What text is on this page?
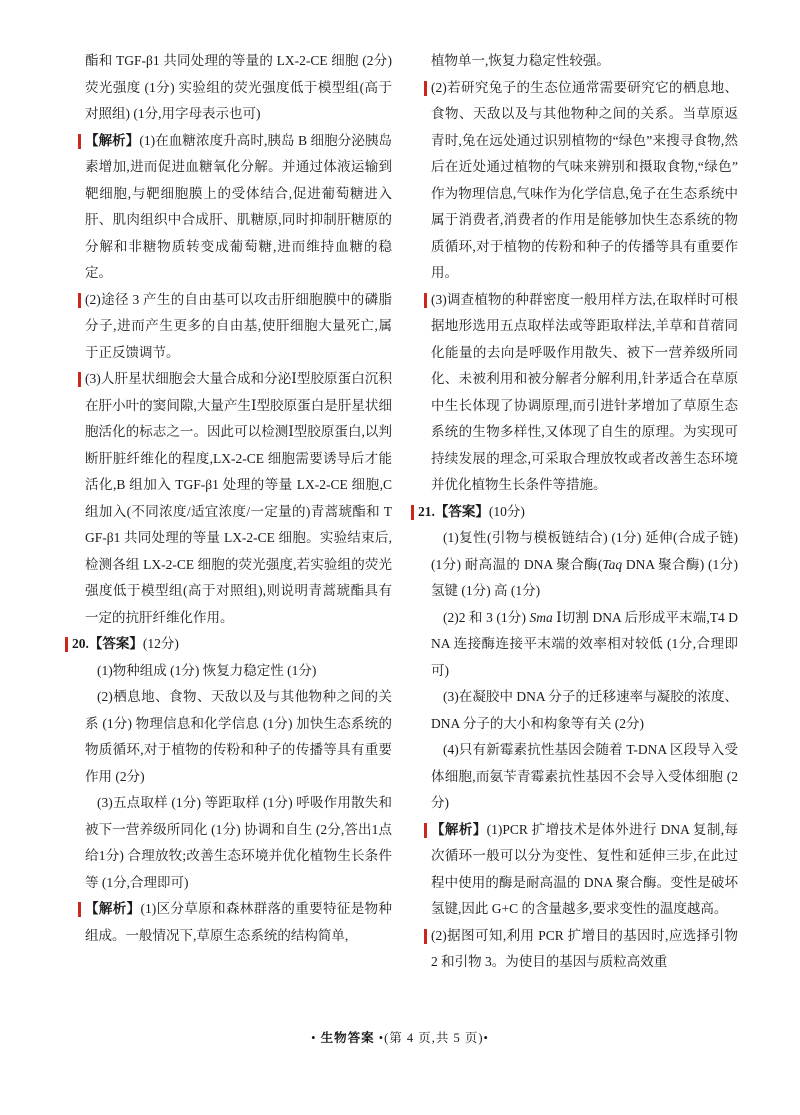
酯和 TGF-β1 共同处理的等量的 LX-2-CE 细胞 (2分) 荧光强度 (1分) 实验组的荧光强度低于模型组(高于对照组) (1分,用字母表示也可)

【解析】(1)在血糖浓度升高时,胰岛 B 细胞分泌胰岛素增加,进而促进血糖氧化分解。并通过体液运输到靶细胞,与靶细胞膜上的受体结合,促进葡萄糖进入肝、肌肉组织中合成肝、肌糖原,同时抑制肝糖原的分解和非糖物质转变成葡萄糖,进而维持血糖的稳定。

(2)途径 3 产生的自由基可以攻击肝细胞膜中的磷脂分子,进而产生更多的自由基,使肝细胞大量死亡,属于正反馈调节。

(3)人肝星状细胞会大量合成和分泌Ⅰ型胶原蛋白沉积在肝小叶的窦间隙,大量产生Ⅰ型胶原蛋白是肝星状细胞活化的标志之一。因此可以检测Ⅰ型胶原蛋白,以判断肝脏纤维化的程度,LX-2-CE 细胞需要诱导后才能活化,B 组加入 TGF-β1 处理的等量 LX-2-CE 细胞,C 组加入(不同浓度/适宜浓度/一定量的)青蒿琥酯和 TGF-β1 共同处理的等量 LX-2-CE 细胞。实验结束后,检测各组 LX-2-CE 细胞的荧光强度,若实验组的荧光强度低于模型组(高于对照组),则说明青蒿琥酯具有一定的抗肝纤维化作用。

20.【答案】(12分)

(1)物种组成 (1分) 恢复力稳定性 (1分)

(2)栖息地、食物、天敌以及与其他物种之间的关系 (1分) 物理信息和化学信息 (1分) 加快生态系统的物质循环,对于植物的传粉和种子的传播等具有重要作用 (2分)

(3)五点取样 (1分) 等距取样 (1分) 呼吸作用散失和被下一营养级所同化 (1分) 协调和自生 (2分,答出1点给1分) 合理放牧;改善生态环境并优化植物生长条件等 (1分,合理即可)

【解析】(1)区分草原和森林群落的重要特征是物种组成。一般情况下,草原生态系统的结构简单,

植物单一,恢复力稳定性较强。

(2)若研究兔子的生态位通常需要研究它的栖息地、食物、天敌以及与其他物种之间的关系。当草原返青时,兔在远处通过识别植物的“绿色”来搜寻食物,然后在近处通过植物的气味来辨别和摄取食物,“绿色”作为物理信息,气味作为化学信息,兔子在生态系统中属于消费者,消费者的作用是能够加快生态系统的物质循环,对于植物的传粉和种子的传播等具有重要作用。

(3)调查植物的种群密度一般用样方法,在取样时可根据地形选用五点取样法或等距取样法,羊草和苜蓿同化能量的去向是呼吸作用散失、被下一营养级所同化、未被利用和被分解者分解利用,针茅适合在草原中生长体现了协调原理,而引进针茅增加了草原生态系统的生物多样性,又体现了自生的原理。为实现可持续发展的理念,可采取合理放牧或者改善生态环境并优化植物生长条件等措施。

21.【答案】(10分)

(1)复性(引物与模板链结合) (1分) 延伸(合成子链) (1分) 耐高温的 DNA 聚合酶(Taq DNA 聚合酶) (1分) 氢键 (1分) 高 (1分)

(2)2 和 3 (1分) Sma Ⅰ切割 DNA 后形成平末端,T4 DNA 连接酶连接平末端的效率相对较低 (1分,合理即可)

(3)在凝胶中 DNA 分子的迁移速率与凝胶的浓度、DNA 分子的大小和构象等有关 (2分)

(4)只有新霉素抗性基因会随着 T-DNA 区段导入受体细胞,而氨苄青霉素抗性基因不会导入受体细胞 (2分)

【解析】(1)PCR 扩增技术是体外进行 DNA 复制,每次循环一般可以分为变性、复性和延伸三步,在此过程中使用的酶是耐高温的 DNA 聚合酶。变性是破坏氢键,因此 G+C 的含量越多,要求变性的温度越高。

(2)据图可知,利用 PCR 扩增目的基因时,应选择引物 2 和引物 3。为使目的基因与质粒高效重

• 生物答案 •(第 4 页,共 5 页)•
